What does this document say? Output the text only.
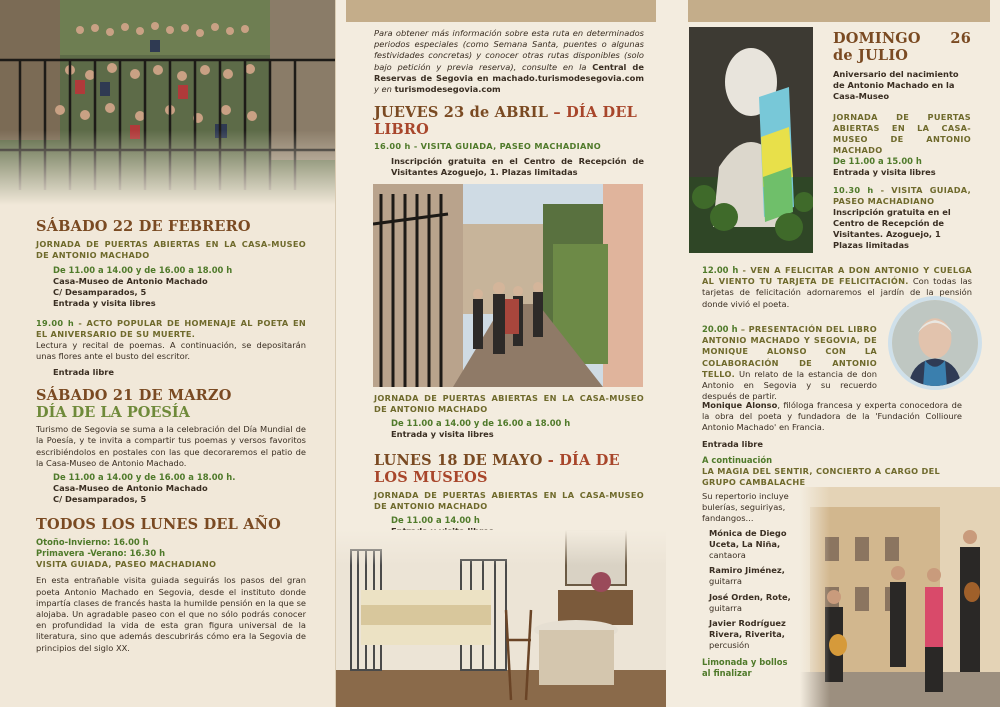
SÁBADO 22 DE FEBRERO
JORNADA DE PUERTAS ABIERTAS EN LA CASA-MUSEO DE ANTONIO MACHADO
De 11.00 a 14.00 y de 16.00 a 18.00 h
Casa-Museo de Antonio Machado
C/ Desamparados, 5
Entrada y visita libres
19.00 h - ACTO POPULAR DE HOMENAJE AL POETA EN EL ANIVERSARIO DE SU MUERTE.
Lectura y recital de poemas. A continuación, se depositarán unas flores ante el busto del escritor.
Entrada libre
SÁBADO 21 DE MARZO
DÍA DE LA POESÍA
Turismo de Segovia se suma a la celebración del Día Mundial de la Poesía, y te invita a compartir tus poemas y versos favoritos escribiéndolos en postales con las que decoraremos el patio de la Casa-Museo de Antonio Machado.
De 11.00 a 14.00 y de 16.00 a 18.00 h.
Casa-Museo de Antonio Machado
C/ Desamparados, 5
TODOS LOS LUNES DEL AÑO
Otoño-Invierno: 16.00 h
Primavera -Verano: 16.30 h
VISITA GUIADA, PASEO MACHADIANO
En esta entrañable visita guiada seguirás los pasos del gran poeta Antonio Machado en Segovia, desde el instituto donde impartía clases de francés hasta la humilde pensión en la que se alojaba. Un agradable paseo con el que no sólo podrás conocer en profundidad la vida de esta gran figura universal de la literatura, sino que además descubrirás cómo era la Segovia de principios del siglo XX.
Para obtener más información sobre esta ruta en determinados periodos especiales (como Semana Santa, puentes o algunas festividades concretas) y conocer otras rutas disponibles (solo bajo petición y previa reserva), consulte en la Central de Reservas de Segovia en machado.turismodesegovia.com y en turismodesegovia.com
JUEVES 23 de ABRIL – DÍA DEL LIBRO
16.00 h - VISITA GUIADA, PASEO MACHADIANO
Inscripción gratuita en el Centro de Recepción de Visitantes Azoguejo, 1. Plazas limitadas
JORNADA DE PUERTAS ABIERTAS EN LA CASA-MUSEO DE ANTONIO MACHADO
De 11.00 a 14.00 y de 16.00 a 18.00 h
Entrada y visita libres
LUNES 18 DE MAYO - DÍA DE LOS MUSEOS
JORNADA DE PUERTAS ABIERTAS EN LA CASA-MUSEO DE ANTONIO MACHADO
De 11.00 a 14.00 h
DOMINGO 26 de JULIO
Aniversario del nacimiento de Antonio Machado en la Casa-Museo
JORNADA DE PUERTAS ABIERTAS EN LA CASA-MUSEO DE ANTONIO MACHADO
De 11.00 a 15.00 h
Entrada y visita libres
10.30 h - VISITA GUIADA, PASEO MACHADIANO
Inscripción gratuita en el Centro de Recepción de Visitantes. Azoguejo, 1 Plazas limitadas
12.00 h - VEN A FELICITAR A DON ANTONIO Y CUELGA AL VIENTO TU TARJETA DE FELICITACIÓN. Con todas las tarjetas de felicitación adornaremos el jardín de la pensión donde vivió el poeta.
20.00 h – PRESENTACIÓN DEL LIBRO ANTONIO MACHADO Y SEGOVIA, DE MONIQUE ALONSO CON LA COLABORACIÓN DE ANTONIO TELLO. Un relato de la estancia de don Antonio en Segovia y su recuerdo después de partir.
Monique Alonso, filóloga francesa y experta conocedora de la obra del poeta y fundadora de la 'Fundación Collioure Antonio Machado' en Francia.
Entrada libre
A continuación
LA MAGIA DEL SENTIR, CONCIERTO A CARGO DEL GRUPO CAMBALACHE
Su repertorio incluye bulerías, seguiriyas, fandangos...
Mónica de Diego Uceta, La Niña,
cantaora
Ramiro Jiménez,
guitarra
José Orden, Rote,
guitarra
Javier Rodríguez Rivera, Riverita,
percusión
Limonada y bollos al finalizar
